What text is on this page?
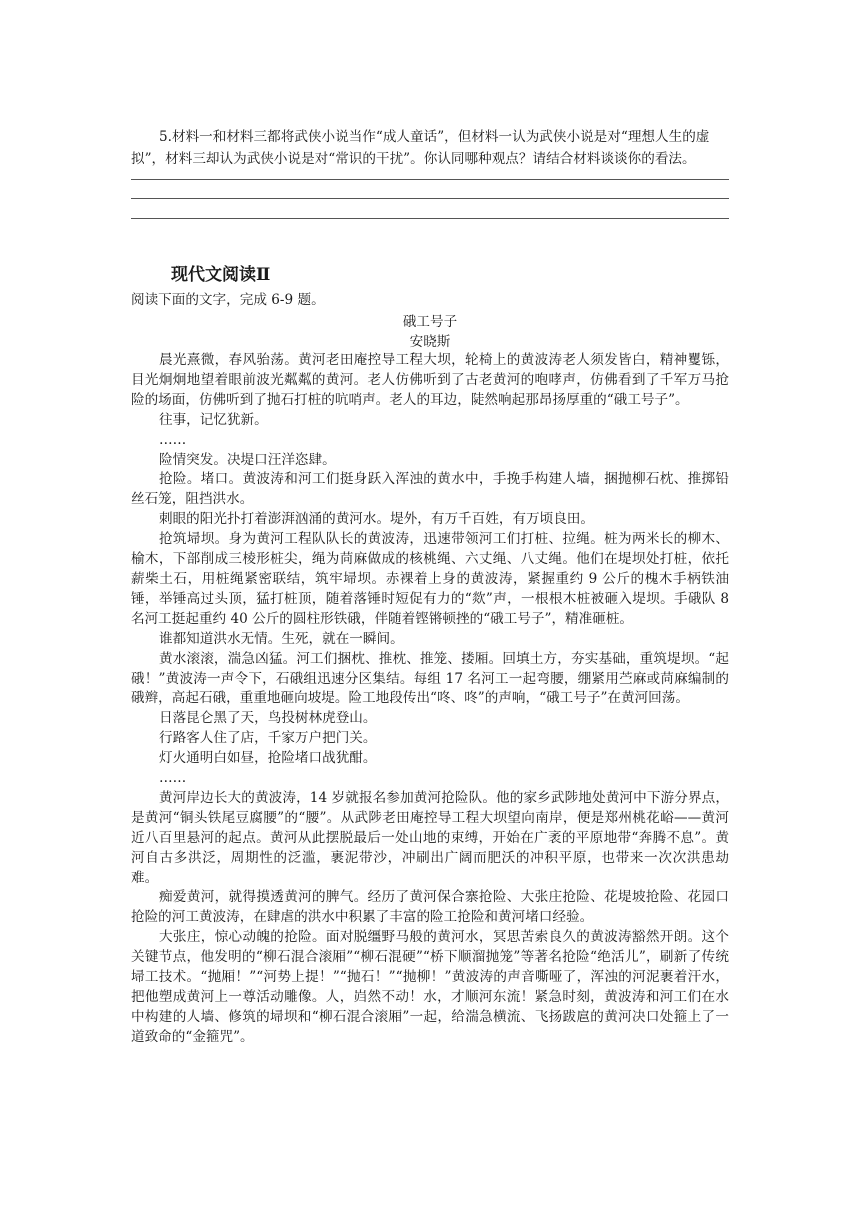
5.材料一和材料三都将武侠小说当作“成人童话”，但材料一认为武侠小说是对“理想人生的虚拟”，材料三却认为武侠小说是对“常识的干扰”。你认同哪种观点？请结合材料谈谈你的看法。

现代文阅读Ⅱ

阅读下面的文字，完成 6-9 题。

硪工号子

安晓斯

晨光熹微，春风骀荡。黄河老田庵控导工程大坝，轮椅上的黄波涛老人须发皆白，精神矍铄，目光炯炯地望着眼前波光粼粼的黄河。老人仿佛听到了古老黄河的咆哮声，仿佛看到了千军万马抢险的场面，仿佛听到了抛石打桩的吭哨声。老人的耳边，陡然响起那昂扬厚重的“硪工号子”。

往事，记忆犹新。

……

险情突发。决堤口汪洋恣肆。

抢险。堵口。黄波涛和河工们挺身跃入浑浊的黄水中，手挽手构建人墙，捆抛柳石枕、推掷铅丝石笼，阻挡洪水。

刺眼的阳光扑打着澎湃汹涌的黄河水。堤外，有万千百姓，有万顷良田。

抢筑埽坝。身为黄河工程队队长的黄波涛，迅速带领河工们打桩、拉绳。桩为两米长的柳木、榆木，下部削成三棱形桩尖，绳为苘麻做成的核桃绳、六丈绳、八丈绳。他们在堤坝处打桩，依托薪柴土石，用桩绳紧密联结，筑牢埽坝。赤裸着上身的黄波涛，紧握重约 9 公斤的槐木手柄铁油锤，举锤高过头顶，猛打桩顶，随着落锤时短促有力的“欻”声，一根根木桩被砸入堤坝。手硪队 8 名河工挺起重约 40 公斤的圆柱形铁硪，伴随着铿锵顿挫的“硪工号子”，精准砸桩。

谁都知道洪水无情。生死，就在一瞬间。

黄水滚滚，湍急凶猛。河工们捆枕、推枕、推笼、搂厢。回填土方，夯实基础，重筑堤坝。“起硪！”黄波涛一声令下，石硪组迅速分区集结。每组 17 名河工一起弯腰，绷紧用苎麻或苘麻编制的硪辫，高起石硪，重重地砸向坡堤。险工地段传出“咚、咚”的声响，“硪工号子”在黄河回荡。

日落昆仑黑了天，鸟投树林虎登山。

行路客人住了店，千家万户把门关。

灯火通明白如昼，抢险堵口战犹酣。

……

黄河岸边长大的黄波涛，14 岁就报名参加黄河抢险队。他的家乡武陟地处黄河中下游分界点，是黄河“铜头铁尾豆腐腰”的“腰”。从武陟老田庵控导工程大坝望向南岸，便是郑州桃花峪——黄河近八百里悬河的起点。黄河从此摆脱最后一处山地的束缚，开始在广袤的平原地带“奔腾不息”。黄河自古多洪泛，周期性的泛滥，裹泥带沙，冲刷出广阔而肥沃的冲积平原，也带来一次次洪患劫难。

痴爱黄河，就得摸透黄河的脾气。经历了黄河保合寨抢险、大张庄抢险、花堤坡抢险、花园口抢险的河工黄波涛，在肆虐的洪水中积累了丰富的险工抢险和黄河堵口经验。

大张庄，惊心动魄的抢险。面对脱缰野马般的黄河水，冥思苦索良久的黄波涛豁然开朗。这个关键节点，他发明的“柳石混合滚厢”“柳石混硬”“桥下顺溜抛笼”等著名抢险“绝活儿”，刷新了传统埽工技术。“抛厢！”“河势上提！”“抛石！”“抛柳！”黄波涛的声音嘶哑了，浑浊的河泥裹着汗水，把他塑成黄河上一尊活动雕像。人，岿然不动！水，才顺河东流！紧急时刻，黄波涛和河工们在水中构建的人墙、修筑的埽坝和“柳石混合滚厢”一起，给湍急横流、飞扬跋扈的黄河决口处箍上了一道致命的“金箍咒”。
